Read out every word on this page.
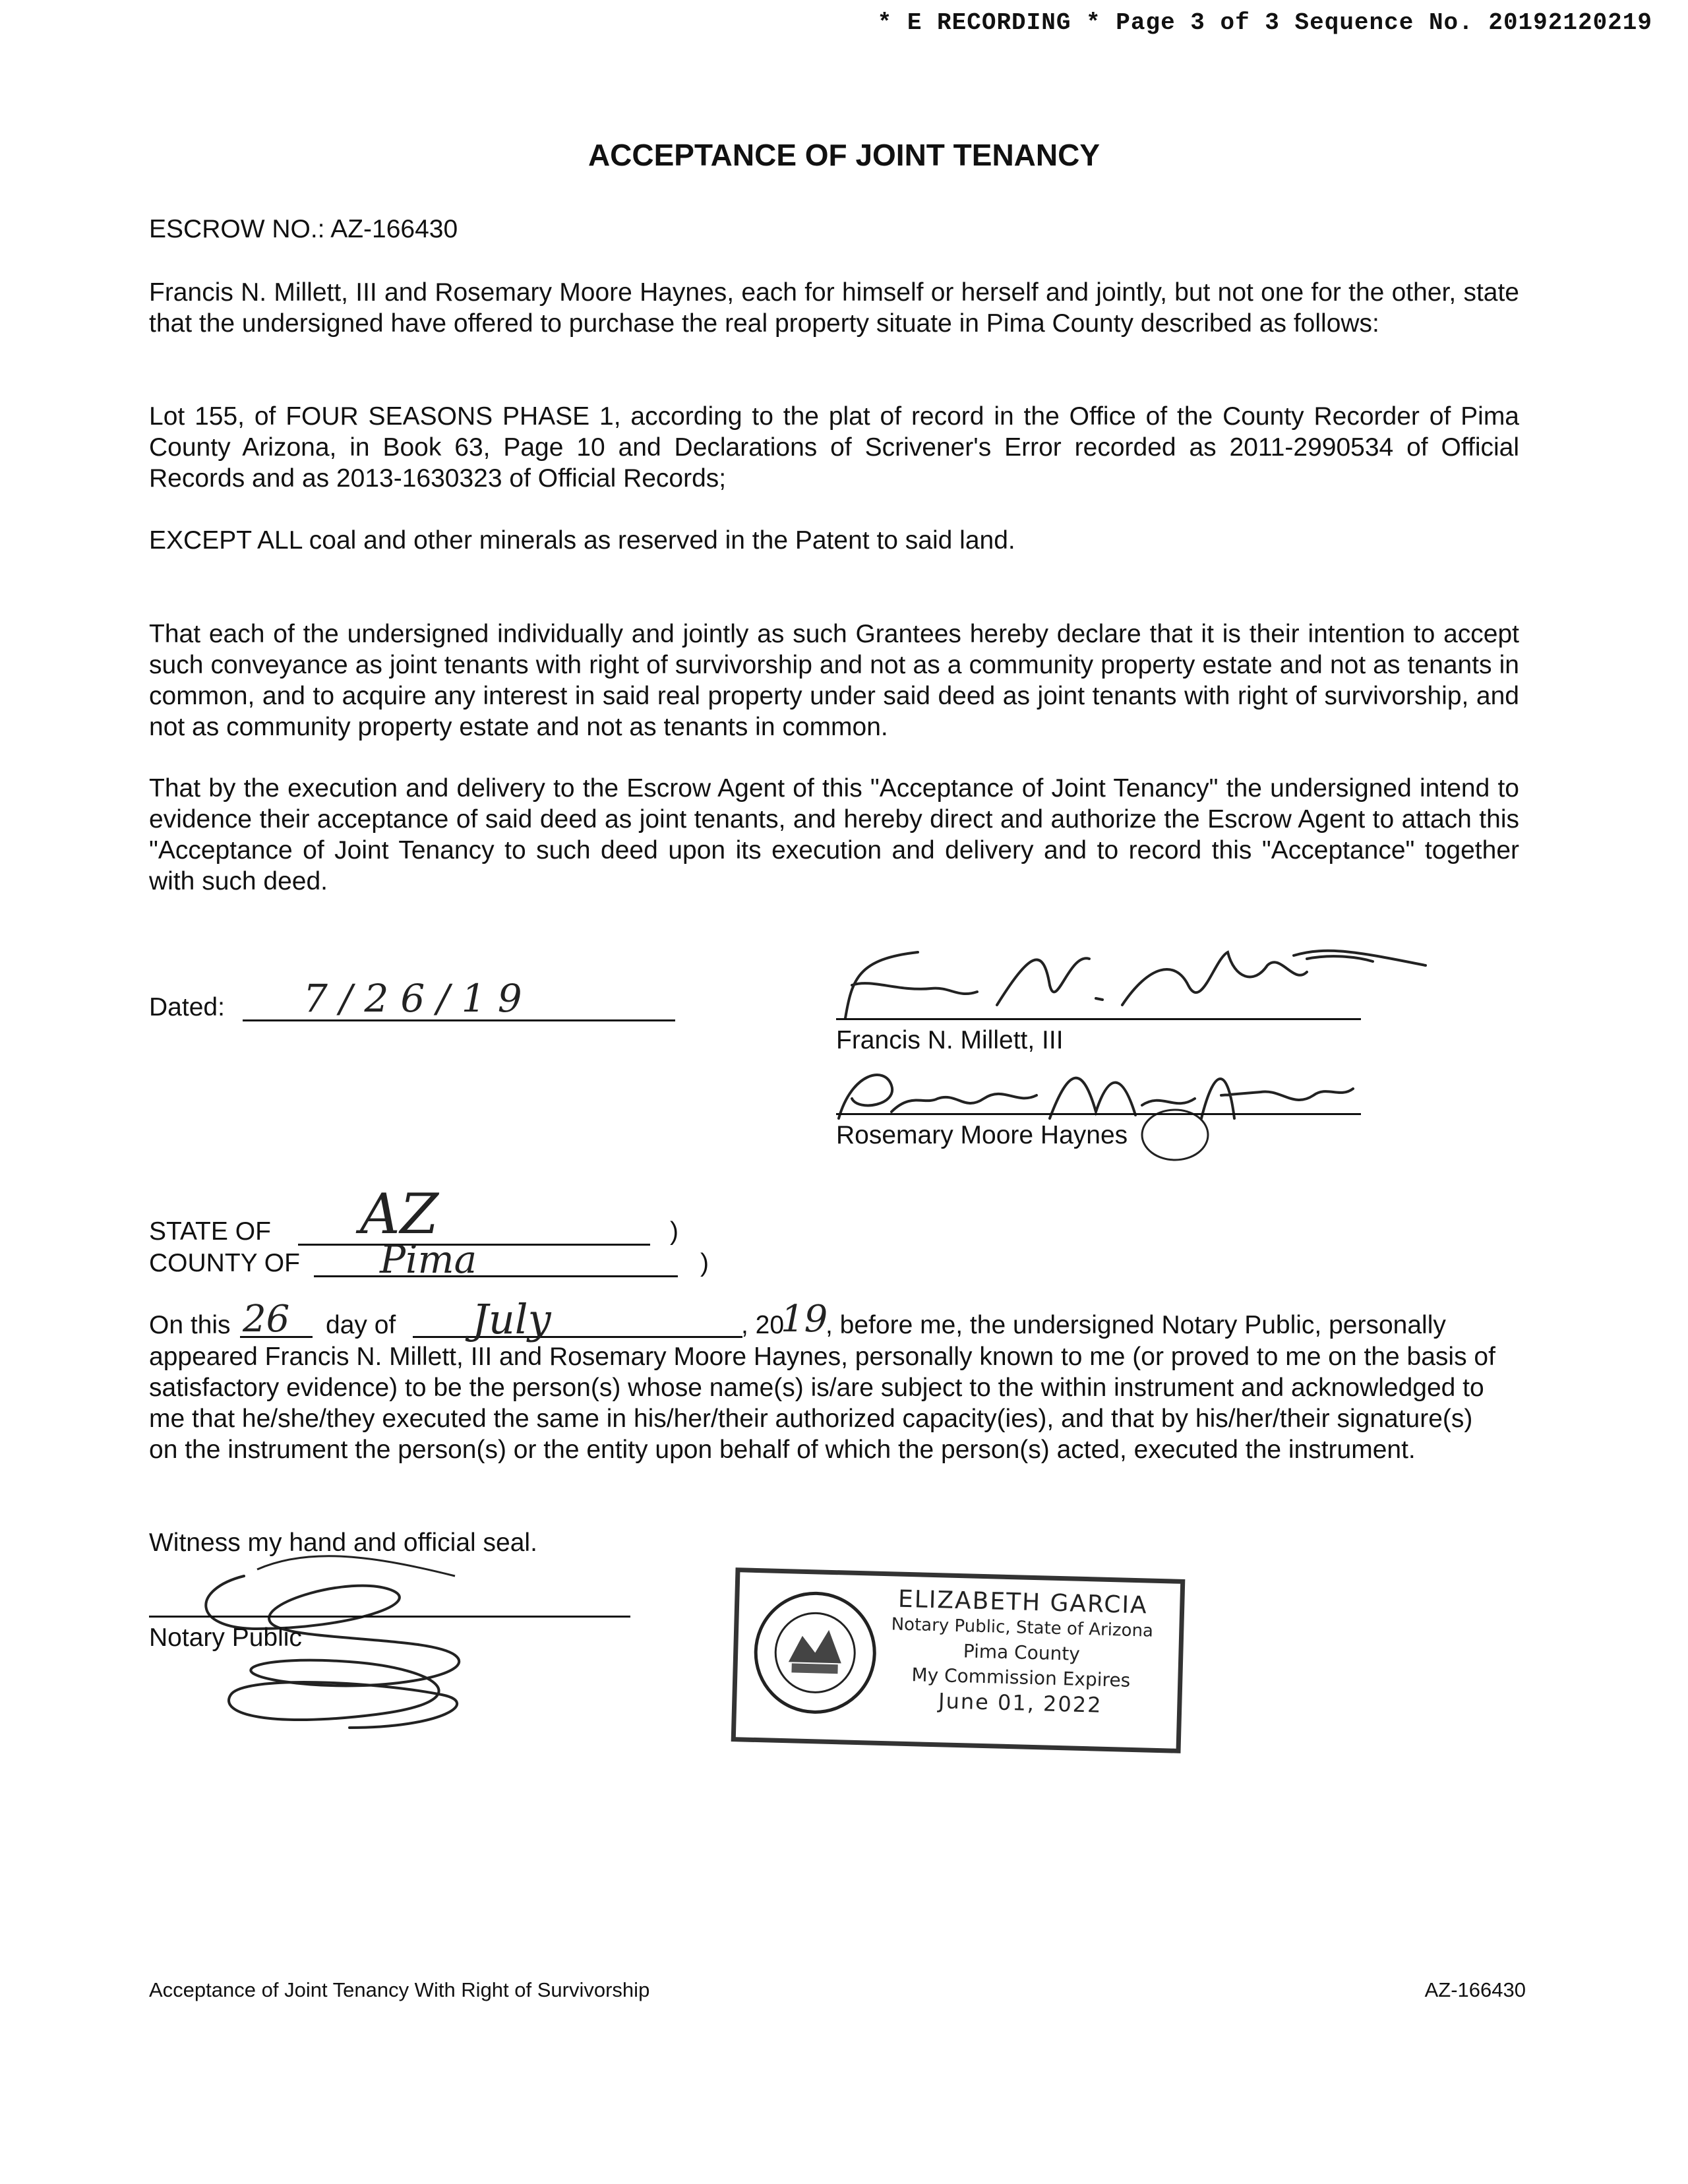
* E RECORDING * Page 3 of 3 Sequence No. 20192120219
ACCEPTANCE OF JOINT TENANCY
ESCROW NO.: AZ-166430

Francis N. Millett, III and Rosemary Moore Haynes, each for himself or herself and jointly, but not one for the other, state that the undersigned have offered to purchase the real property situate in Pima County described as follows:

Lot 155, of FOUR SEASONS PHASE 1, according to the plat of record in the Office of the County Recorder of Pima County Arizona, in Book 63, Page 10 and Declarations of Scrivener's Error recorded as 2011-2990534 of Official Records and as 2013-1630323 of Official Records;

EXCEPT ALL coal and other minerals as reserved in the Patent to said land.

That each of the undersigned individually and jointly as such Grantees hereby declare that it is their intention to accept such conveyance as joint tenants with right of survivorship and not as a community property estate and not as tenants in common, and to acquire any interest in said real property under said deed as joint tenants with right of survivorship, and not as community property estate and not as tenants in common.

That by the execution and delivery to the Escrow Agent of this "Acceptance of Joint Tenancy" the undersigned intend to evidence their acceptance of said deed as joint tenants, and hereby direct and authorize the Escrow Agent to attach this "Acceptance of Joint Tenancy to such deed upon its execution and delivery and to record this "Acceptance" together with such deed.

Dated: 7/26/19
Francis N. Millett, III
Rosemary Moore Haynes
STATE OF AZ	)
COUNTY OF Pima	)
On this 26 day of July	, 20
19
, before me, the undersigned Notary Public, personally

appeared Francis N. Millett, III and Rosemary Moore Haynes, personally known to me (or proved to me on the basis of satisfactory evidence) to be the person(s) whose name(s) is/are subject to the within instrument and acknowledged to me that he/she/they executed the same in his/her/their authorized capacity(ies), and that by his/her/their signature(s) on the instrument the person(s) or the entity upon behalf of which the person(s) acted, executed the instrument.

Witness my hand and official seal.
Notary Public
ELIZABETH GARCIA
Notary Public, State of Arizona
Pima County
My Commission Expires
June 01, 2022
Acceptance of Joint Tenancy With Right of Survivorship	AZ-166430
